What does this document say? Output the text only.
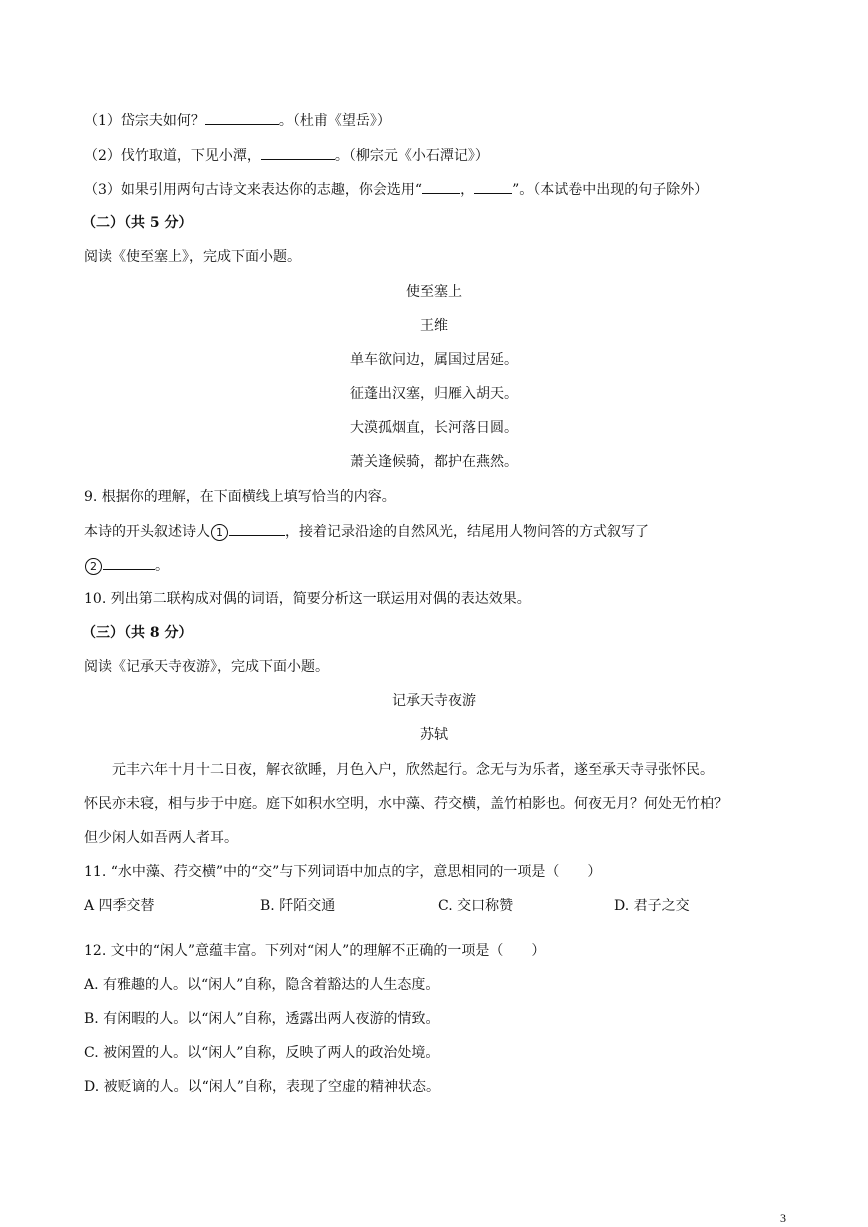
（1）岱宗夫如何？	。（杜甫《望岳》）
（2）伐竹取道，下见小潭，	。（柳宗元《小石潭记》）
（3）如果引用两句古诗文来表达你的志趣，你会选用“	，	”。（本试卷中出现的句子除外）
（二）（共 5 分）
阅读《使至塞上》，完成下面小题。
使至塞上
王维
单车欲问边，属国过居延。
征蓬出汉塞，归雁入胡天。
大漠孤烟直，长河落日圆。
萧关逢候骑，都护在燕然。
9. 根据你的理解，在下面横线上填写恰当的内容。
本诗的开头叙述诗人 1	，接着记录沿途的自然风光，结尾用人物问答的方式叙写了
2	。
10. 列出第二联构成对偶的词语，简要分析这一联运用对偶的表达效果。
（三）（共 8 分）
阅读《记承天寺夜游》，完成下面小题。
记承天寺夜游
苏轼
元丰六年十月十二日夜，解衣欲睡，月色入户，欣然起行。念无与为乐者，遂至承天寺寻张怀民。
怀民亦未寝，相与步于中庭。庭下如积水空明，水中藻、荇交横，盖竹柏影也。何夜无月？何处无竹柏？
但少闲人如吾两人者耳。
11. “水中藻、荇交横”中的“交”与下列词语中加点的字，意思相同的一项是（　　）
A 四季交替	B. 阡陌交通	C. 交口称赞	D. 君子之交
12. 文中的“闲人”意蕴丰富。下列对“闲人”的理解不正确的一项是（　　）
A. 有雅趣的人。以“闲人”自称，隐含着豁达的人生态度。
B. 有闲暇的人。以“闲人”自称，透露出两人夜游的情致。
C. 被闲置的人。以“闲人”自称，反映了两人的政治处境。
D. 被贬谪的人。以“闲人”自称，表现了空虚的精神状态。
3
